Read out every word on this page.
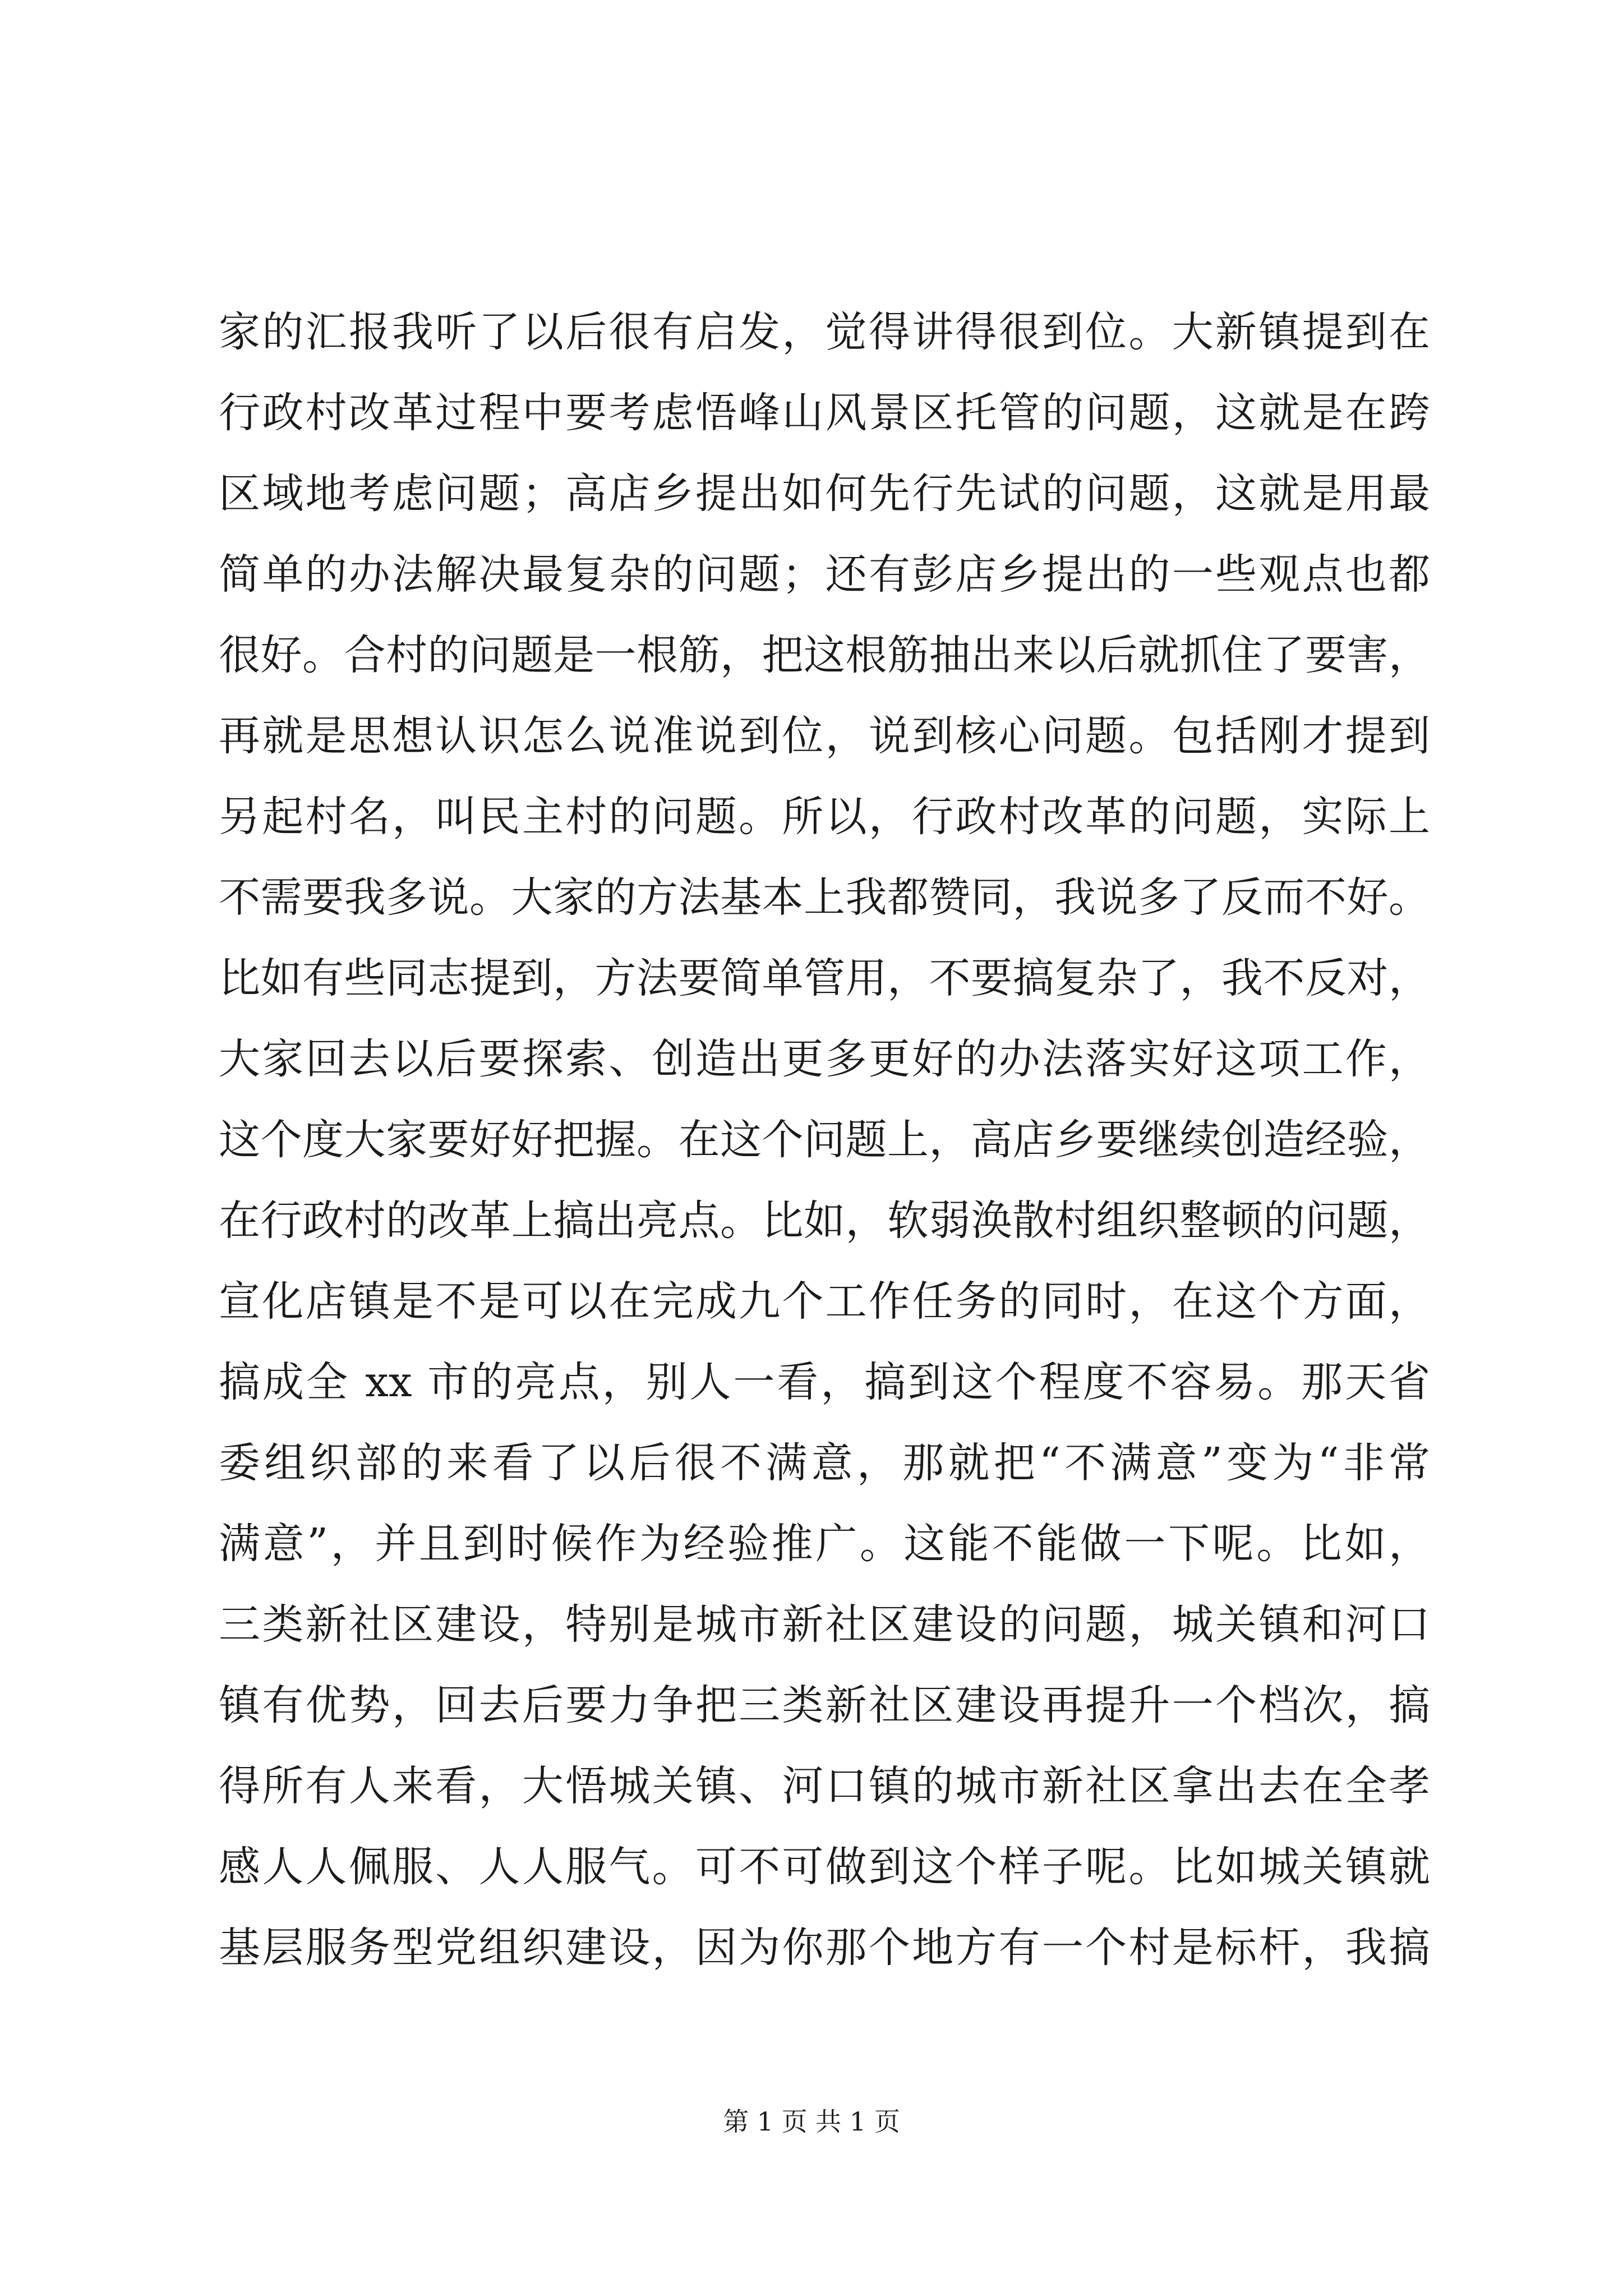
家的汇报我听了以后很有启发，觉得讲得很到位。大新镇提到在
行政村改革过程中要考虑悟峰山风景区托管的问题，这就是在跨
区域地考虑问题；高店乡提出如何先行先试的问题，这就是用最
简单的办法解决最复杂的问题；还有彭店乡提出的一些观点也都
很好。合村的问题是一根筋，把这根筋抽出来以后就抓住了要害，
再就是思想认识怎么说准说到位，说到核心问题。包括刚才提到
另起村名，叫民主村的问题。所以，行政村改革的问题，实际上
不需要我多说。大家的方法基本上我都赞同，我说多了反而不好。
比如有些同志提到，方法要简单管用，不要搞复杂了，我不反对，
大家回去以后要探索、创造出更多更好的办法落实好这项工作，
这个度大家要好好把握。在这个问题上，高店乡要继续创造经验，
在行政村的改革上搞出亮点。比如，软弱涣散村组织整顿的问题，
宣化店镇是不是可以在完成九个工作任务的同时，在这个方面，
搞成全 xx 市的亮点，别人一看，搞到这个程度不容易。那天省
委组织部的来看了以后很不满意，那就把“不满意”变为“非常
满意”，并且到时候作为经验推广。这能不能做一下呢。比如，
三类新社区建设，特别是城市新社区建设的问题，城关镇和河口
镇有优势，回去后要力争把三类新社区建设再提升一个档次，搞
得所有人来看，大悟城关镇、河口镇的城市新社区拿出去在全孝
感人人佩服、人人服气。可不可做到这个样子呢。比如城关镇就
基层服务型党组织建设，因为你那个地方有一个村是标杆，我搞
第 1 页 共 1 页
